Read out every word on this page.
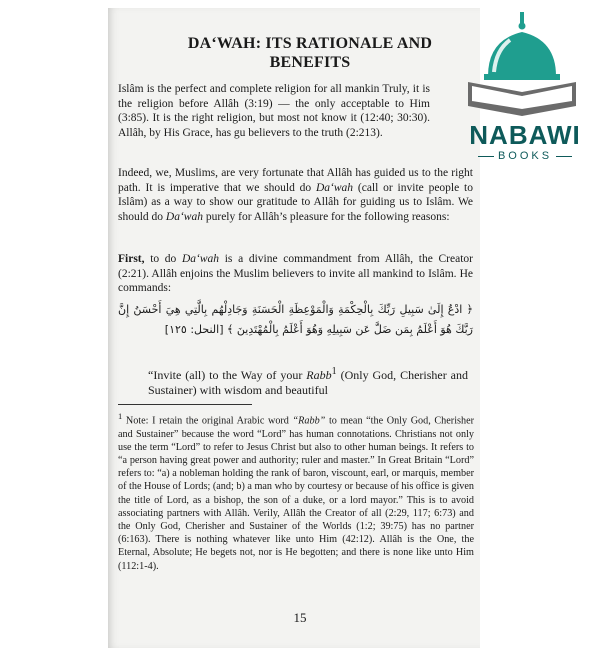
DA‘WAH: ITS RATIONALE AND
BENEFITS

Islâm is the perfect and complete religion for all mankin Truly, it is the religion before Allâh (3:19) — the only acceptable to Him (3:85). It is the right religion, but most not know it (12:40; 30:30). Allâh, by His Grace, has gu believers to the truth (2:213).

Indeed, we, Muslims, are very fortunate that Allâh has guided us to the right path. It is imperative that we should do Da‘wah (call or invite people to Islâm) as a way to show our gratitude to Allâh for guiding us to Islâm. We should do Da‘wah purely for Allâh’s pleasure for the following reasons:

First, to do Da‘wah is a divine commandment from Allâh, the Creator (2:21). Allâh enjoins the Muslim believers to invite all mankind to Islâm. He commands:

﴿ ادْعُ إِلَىٰ سَبِيلِ رَبِّكَ بِالْحِكْمَةِ وَالْمَوْعِظَةِ الْحَسَنَةِ وَجَادِلْهُم بِالَّتِي هِيَ أَحْسَنُ إِنَّ رَبَّكَ هُوَ أَعْلَمُ بِمَن ضَلَّ عَن سَبِيلِهِ وَهُوَ أَعْلَمُ بِالْمُهْتَدِينَ ﴾ [النحل: ١٢٥]

“Invite (all) to the Way of your Rabb$^1$ (Only God, Cherisher and Sustainer) with wisdom and beautiful

$^1$ Note: I retain the original Arabic word “Rabb” to mean “the Only God, Cherisher and Sustainer” because the word “Lord” has human connotations. Christians not only use the term “Lord” to refer to Jesus Christ but also to other human beings. It refers to “a person having great power and authority; ruler and master.” In Great Britain “Lord” refers to: “a) a nobleman holding the rank of baron, viscount, earl, or marquis, member of the House of Lords; (and; b) a man who by courtesy or because of his office is given the title of Lord, as a bishop, the son of a duke, or a lord mayor.” This is to avoid associating partners with Allâh. Verily, Allâh the Creator of all (2:29, 117; 6:73) and the Only God, Cherisher and Sustainer of the Worlds (1:2; 39:75) has no partner (6:163). There is nothing whatever like unto Him (42:12). Allâh is the One, the Eternal, Absolute; He begets not, nor is He begotten; and there is none like unto Him (112:1-4).

15

NABAWI

BOOKS
